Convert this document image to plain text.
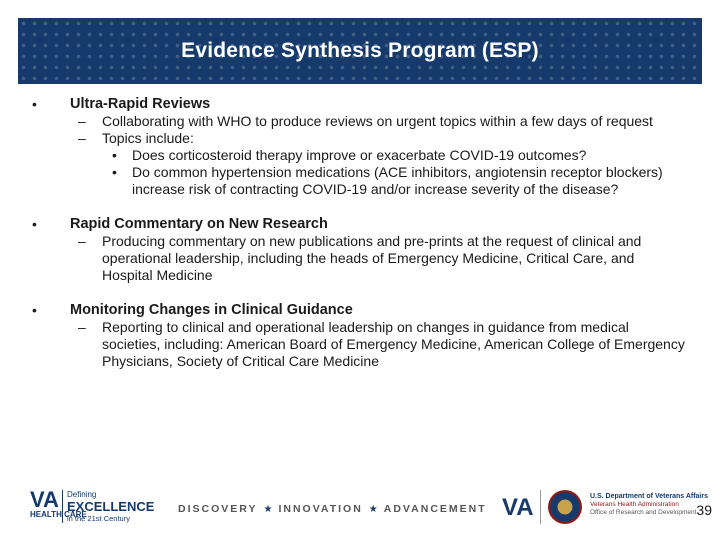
Evidence Synthesis Program (ESP)
• Ultra-Rapid Reviews
– Collaborating with WHO to produce reviews on urgent topics within a few days of request
– Topics include:
• Does corticosteroid therapy improve or exacerbate COVID-19 outcomes?
• Do common hypertension medications (ACE inhibitors, angiotensin receptor blockers) increase risk of contracting COVID-19 and/or increase severity of the disease?
• Rapid Commentary on New Research
– Producing commentary on new publications and pre-prints at the request of clinical and operational leadership, including the heads of Emergency Medicine, Critical Care, and Hospital Medicine
• Monitoring Changes in Clinical Guidance
– Reporting to clinical and operational leadership on changes in guidance from medical societies, including: American Board of Emergency Medicine, American College of Emergency Physicians, Society of Critical Care Medicine
VA
HEALTH CARE
Defining
EXCELLENCE
in the 21st Century
DISCOVERY ★ INNOVATION ★ ADVANCEMENT VA	U.S. Department of Veterans Affairs
Veterans Health Administration
Office of Research and Development 39
